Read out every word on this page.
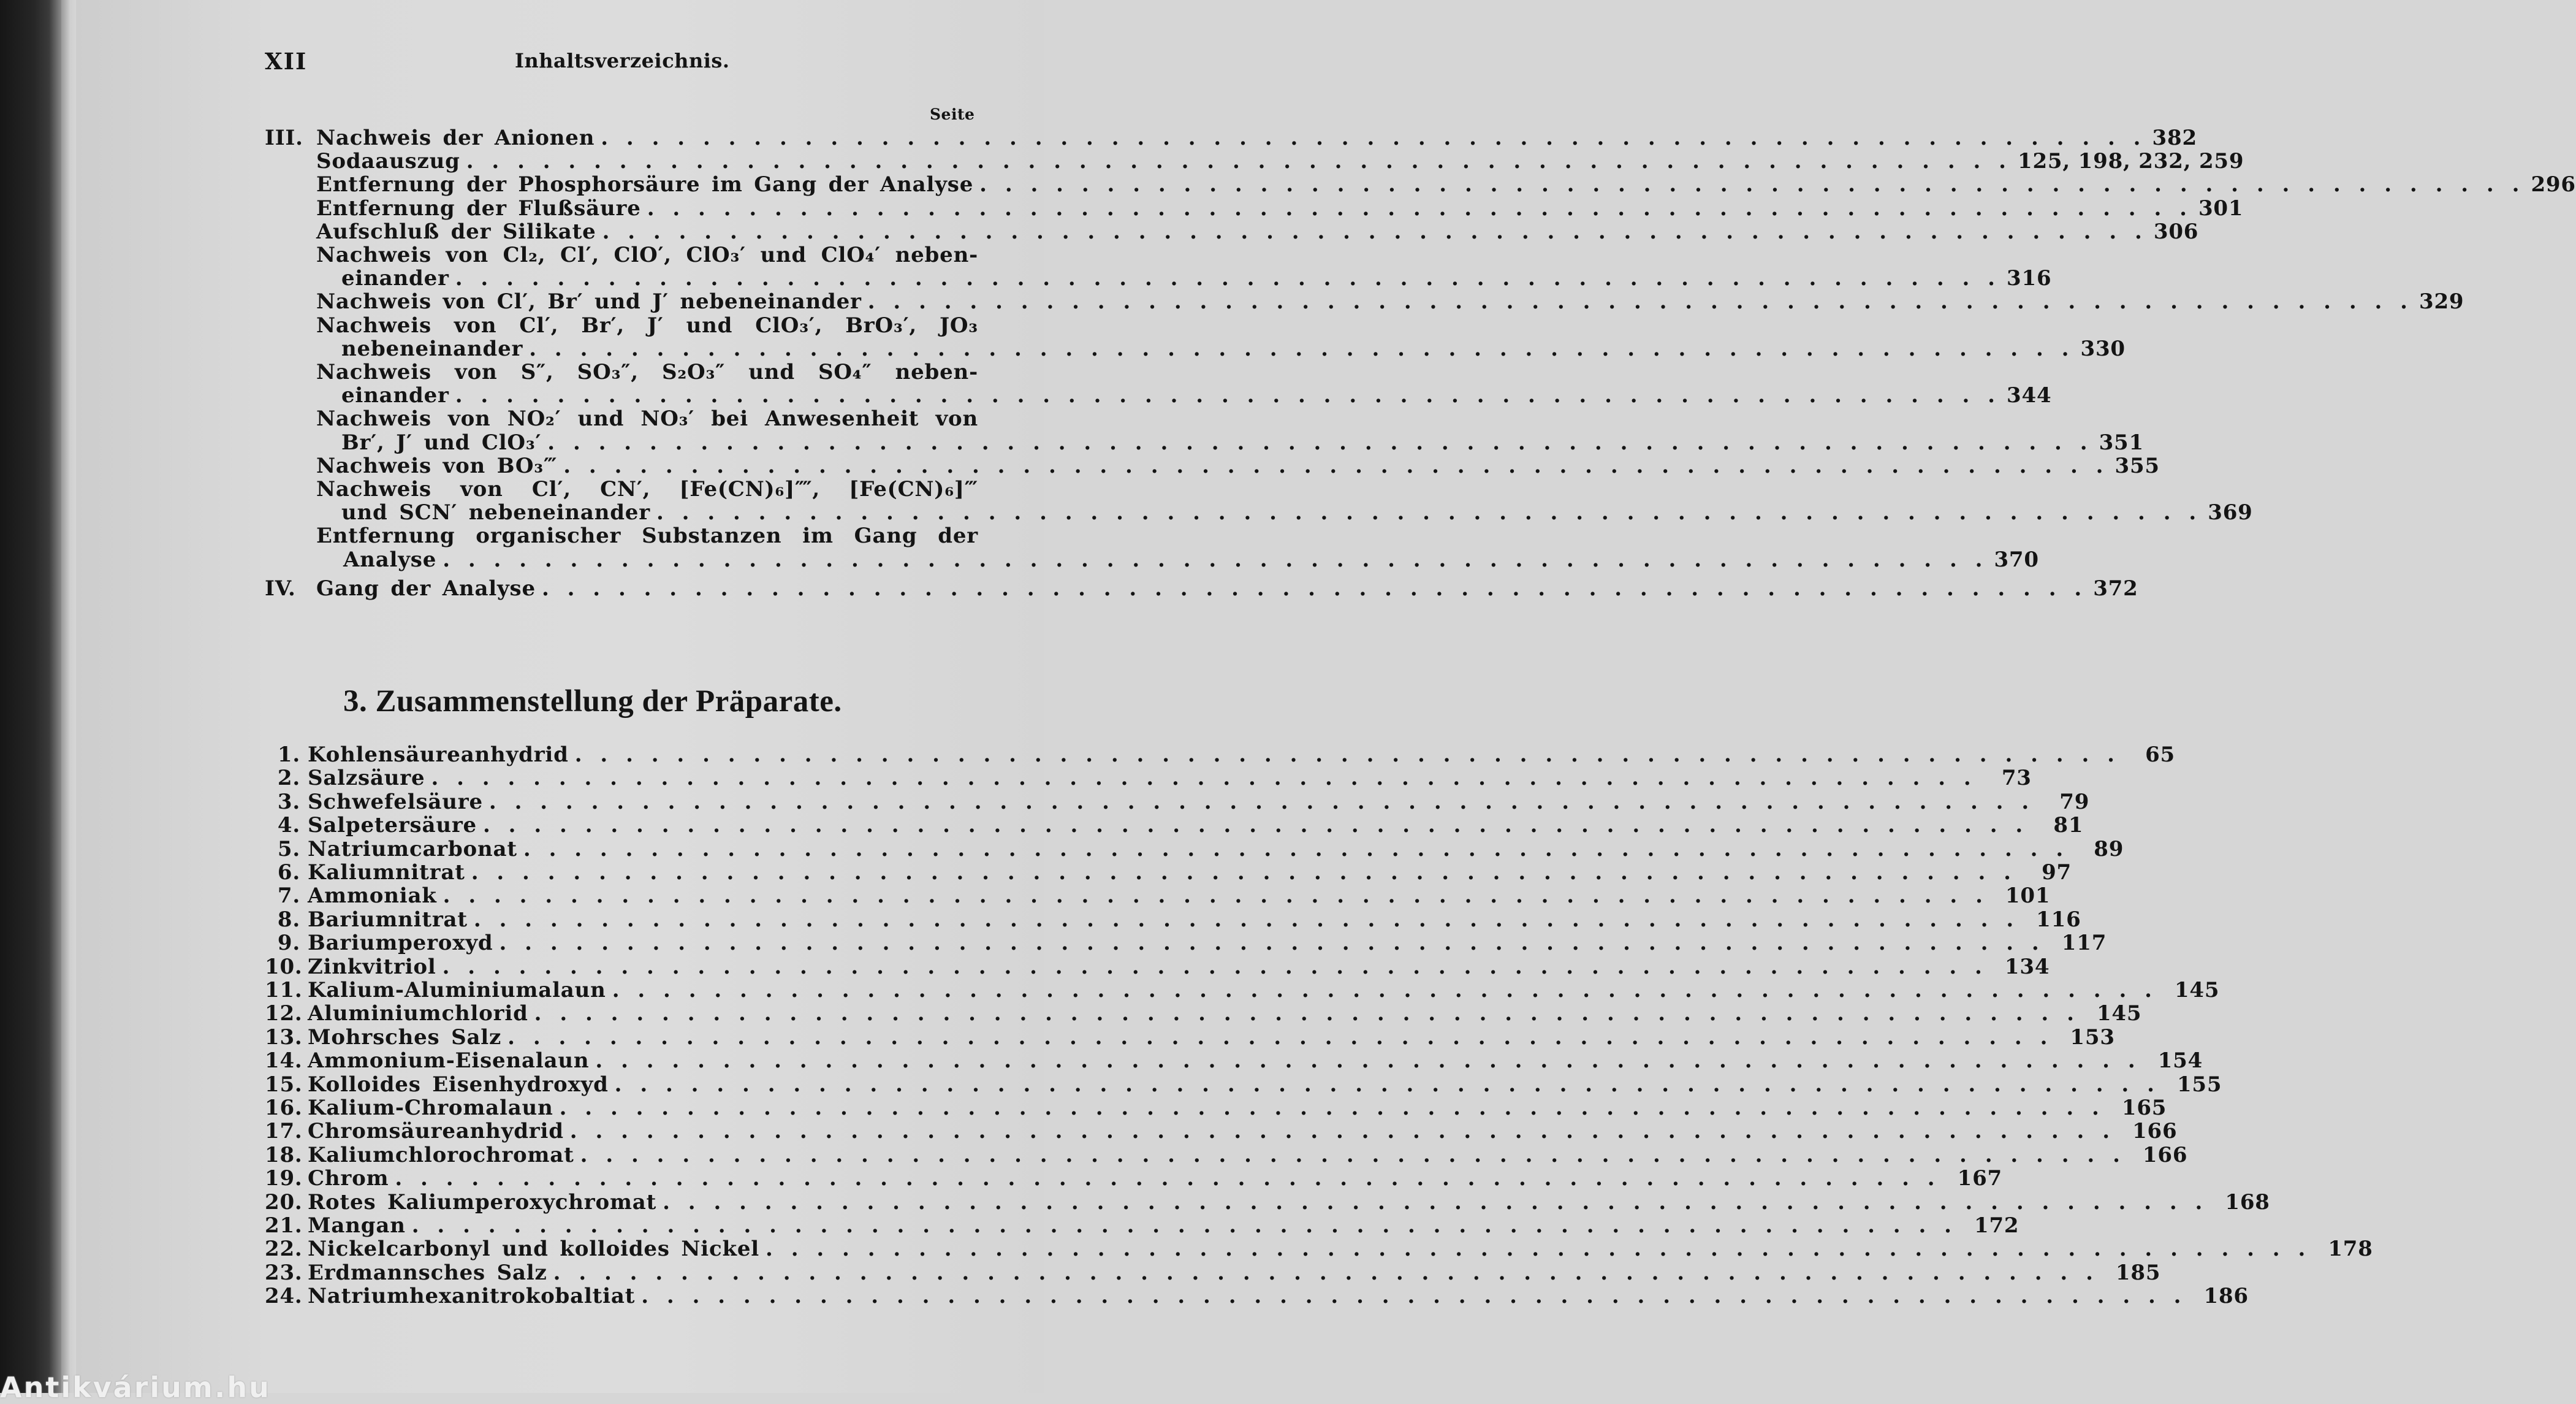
XII	Inhaltsverzeichnis.
Seite
III. Nachweis der Anionen . . . . . . . . . . . . . . . . . . . . . . . . . . . . . . . . . . . . . . . . . . . . . . . . . . . . . . . . . . . . . 382
Sodaauszug . . . . . . . . . . . . . . . . . . . . . . . . . . . . . . . . . . . . . . . . . . . . . . . . . . . . . . . . . . . . . 125, 198, 232, 259
Entfernung der Phosphorsäure im Gang der Analyse . . . . . . . . . . . . . . . . . . . . . . . . . . . . . . . . . . . . . . . . . . . . . . . . . . . . . . . . . . . . . 296
Entfernung der Flußsäure . . . . . . . . . . . . . . . . . . . . . . . . . . . . . . . . . . . . . . . . . . . . . . . . . . . . . . . . . . . . . 301
Aufschluß der Silikate . . . . . . . . . . . . . . . . . . . . . . . . . . . . . . . . . . . . . . . . . . . . . . . . . . . . . . . . . . . . . 306
Nachweis von Cl₂, Cl′, ClO′, ClO₃′ und ClO₄′ neben-
einander . . . . . . . . . . . . . . . . . . . . . . . . . . . . . . . . . . . . . . . . . . . . . . . . . . . . . . . . . . . . . 316
Nachweis von Cl′, Br′ und J′ nebeneinander . . . . . . . . . . . . . . . . . . . . . . . . . . . . . . . . . . . . . . . . . . . . . . . . . . . . . . . . . . . . . 329
Nachweis von Cl′, Br′, J′ und ClO₃′, BrO₃′, JO₃
nebeneinander . . . . . . . . . . . . . . . . . . . . . . . . . . . . . . . . . . . . . . . . . . . . . . . . . . . . . . . . . . . . . 330
Nachweis von S″, SO₃″, S₂O₃″ und SO₄″ neben-
einander . . . . . . . . . . . . . . . . . . . . . . . . . . . . . . . . . . . . . . . . . . . . . . . . . . . . . . . . . . . . . 344
Nachweis von NO₂′ und NO₃′ bei Anwesenheit von
Br′, J′ und ClO₃′ . . . . . . . . . . . . . . . . . . . . . . . . . . . . . . . . . . . . . . . . . . . . . . . . . . . . . . . . . . . . . 351
Nachweis von BO₃‴ . . . . . . . . . . . . . . . . . . . . . . . . . . . . . . . . . . . . . . . . . . . . . . . . . . . . . . . . . . . . . 355
Nachweis von Cl′, CN′, [Fe(CN)₆]⁗, [Fe(CN)₆]‴
und SCN′ nebeneinander . . . . . . . . . . . . . . . . . . . . . . . . . . . . . . . . . . . . . . . . . . . . . . . . . . . . . . . . . . . . . 369
Entfernung organischer Substanzen im Gang der
Analyse . . . . . . . . . . . . . . . . . . . . . . . . . . . . . . . . . . . . . . . . . . . . . . . . . . . . . . . . . . . . . 370
IV. Gang der Analyse . . . . . . . . . . . . . . . . . . . . . . . . . . . . . . . . . . . . . . . . . . . . . . . . . . . . . . . . . . . . . 372
3. Zusammenstellung der Präparate.
1. Kohlensäureanhydrid . . . . . . . . . . . . . . . . . . . . . . . . . . . . . . . . . . . . . . . . . . . . . . . . . . . . . . . . . . . . .	65
2. Salzsäure . . . . . . . . . . . . . . . . . . . . . . . . . . . . . . . . . . . . . . . . . . . . . . . . . . . . . . . . . . . . .	73
3. Schwefelsäure . . . . . . . . . . . . . . . . . . . . . . . . . . . . . . . . . . . . . . . . . . . . . . . . . . . . . . . . . . . . .	79
4. Salpetersäure . . . . . . . . . . . . . . . . . . . . . . . . . . . . . . . . . . . . . . . . . . . . . . . . . . . . . . . . . . . . .	81
5. Natriumcarbonat . . . . . . . . . . . . . . . . . . . . . . . . . . . . . . . . . . . . . . . . . . . . . . . . . . . . . . . . . . . . .	89
6. Kaliumnitrat . . . . . . . . . . . . . . . . . . . . . . . . . . . . . . . . . . . . . . . . . . . . . . . . . . . . . . . . . . . . .	97
7. Ammoniak . . . . . . . . . . . . . . . . . . . . . . . . . . . . . . . . . . . . . . . . . . . . . . . . . . . . . . . . . . . . . 101
8. Bariumnitrat . . . . . . . . . . . . . . . . . . . . . . . . . . . . . . . . . . . . . . . . . . . . . . . . . . . . . . . . . . . . . 116
9. Bariumperoxyd . . . . . . . . . . . . . . . . . . . . . . . . . . . . . . . . . . . . . . . . . . . . . . . . . . . . . . . . . . . . . 117
10. Zinkvitriol . . . . . . . . . . . . . . . . . . . . . . . . . . . . . . . . . . . . . . . . . . . . . . . . . . . . . . . . . . . . . 134
11. Kalium-Aluminiumalaun . . . . . . . . . . . . . . . . . . . . . . . . . . . . . . . . . . . . . . . . . . . . . . . . . . . . . . . . . . . . . 145
12. Aluminiumchlorid . . . . . . . . . . . . . . . . . . . . . . . . . . . . . . . . . . . . . . . . . . . . . . . . . . . . . . . . . . . . . 145
13. Mohrsches Salz . . . . . . . . . . . . . . . . . . . . . . . . . . . . . . . . . . . . . . . . . . . . . . . . . . . . . . . . . . . . . 153
14. Ammonium-Eisenalaun . . . . . . . . . . . . . . . . . . . . . . . . . . . . . . . . . . . . . . . . . . . . . . . . . . . . . . . . . . . . . 154
15. Kolloides Eisenhydroxyd . . . . . . . . . . . . . . . . . . . . . . . . . . . . . . . . . . . . . . . . . . . . . . . . . . . . . . . . . . . . . 155
16. Kalium-Chromalaun . . . . . . . . . . . . . . . . . . . . . . . . . . . . . . . . . . . . . . . . . . . . . . . . . . . . . . . . . . . . . 165
17. Chromsäureanhydrid . . . . . . . . . . . . . . . . . . . . . . . . . . . . . . . . . . . . . . . . . . . . . . . . . . . . . . . . . . . . . 166
18. Kaliumchlorochromat . . . . . . . . . . . . . . . . . . . . . . . . . . . . . . . . . . . . . . . . . . . . . . . . . . . . . . . . . . . . . 166
19. Chrom . . . . . . . . . . . . . . . . . . . . . . . . . . . . . . . . . . . . . . . . . . . . . . . . . . . . . . . . . . . . . 167
20. Rotes Kaliumperoxychromat . . . . . . . . . . . . . . . . . . . . . . . . . . . . . . . . . . . . . . . . . . . . . . . . . . . . . . . . . . . . . 168
21. Mangan . . . . . . . . . . . . . . . . . . . . . . . . . . . . . . . . . . . . . . . . . . . . . . . . . . . . . . . . . . . . . 172
22. Nickelcarbonyl und kolloides Nickel . . . . . . . . . . . . . . . . . . . . . . . . . . . . . . . . . . . . . . . . . . . . . . . . . . . . . . . . . . . . . 178
23. Erdmannsches Salz . . . . . . . . . . . . . . . . . . . . . . . . . . . . . . . . . . . . . . . . . . . . . . . . . . . . . . . . . . . . . 185
24. Natriumhexanitrokobaltiat . . . . . . . . . . . . . . . . . . . . . . . . . . . . . . . . . . . . . . . . . . . . . . . . . . . . . . . . . . . . . 186
Antikvárium.hu
